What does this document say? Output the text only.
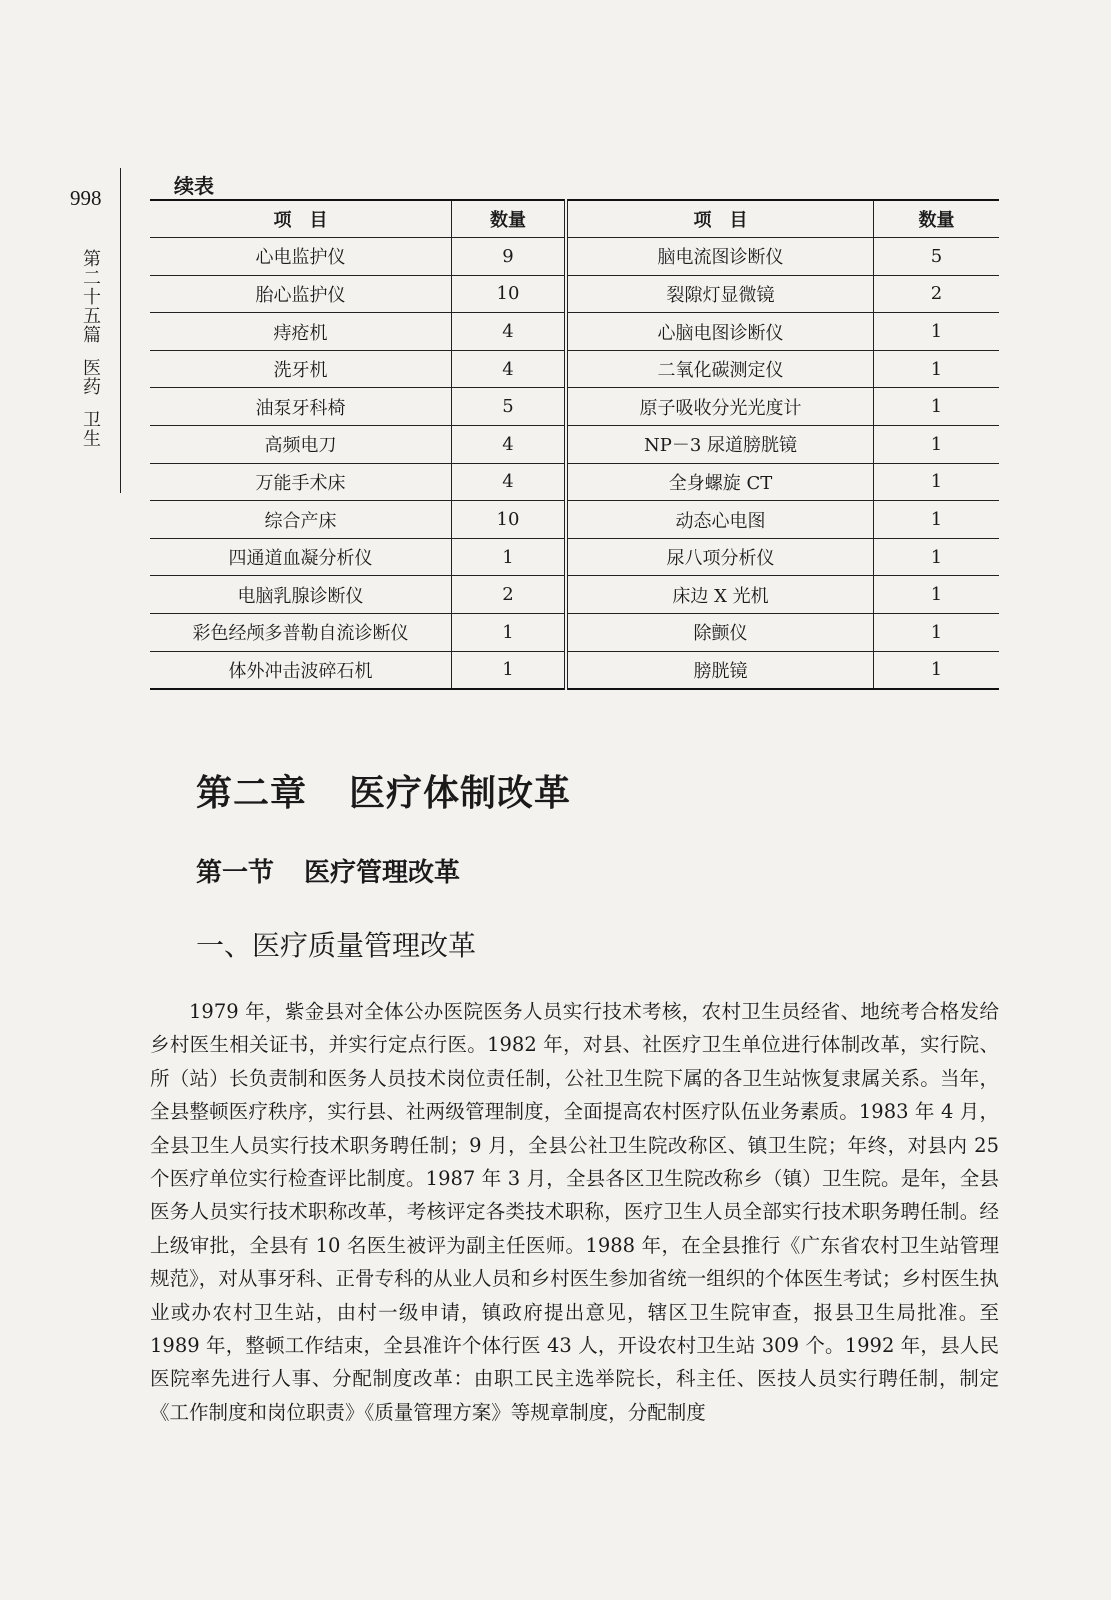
998
第
二
十
五
篇
医
药
卫
生
续表
项　目	数量	项　目	数量
心电监护仪	9	脑电流图诊断仪	5
胎心监护仪	10	裂隙灯显微镜	2
痔疮机	4	心脑电图诊断仪	1
洗牙机	4	二氧化碳测定仪	1
油泵牙科椅	5	原子吸收分光光度计	1
高频电刀	4	NP－3 尿道膀胱镜	1
万能手术床	4	全身螺旋 CT	1
综合产床	10	动态心电图	1
四通道血凝分析仪	1	尿八项分析仪	1
电脑乳腺诊断仪	2	床边 X 光机	1
彩色经颅多普勒自流诊断仪	1	除颤仪	1
体外冲击波碎石机	1	膀胱镜	1
第二章 医疗体制改革
第一节 医疗管理改革
一、医疗质量管理改革

1979 年，紫金县对全体公办医院医务人员实行技术考核，农村卫生员经省、地统考合格发给乡村医生相关证书，并实行定点行医。1982 年，对县、社医疗卫生单位进行体制改革，实行院、所（站）长负责制和医务人员技术岗位责任制，公社卫生院下属的各卫生站恢复隶属关系。当年，全县整顿医疗秩序，实行县、社两级管理制度，全面提高农村医疗队伍业务素质。1983 年 4 月，全县卫生人员实行技术职务聘任制；9 月，全县公社卫生院改称区、镇卫生院；年终，对县内 25 个医疗单位实行检查评比制度。1987 年 3 月，全县各区卫生院改称乡（镇）卫生院。是年，全县医务人员实行技术职称改革，考核评定各类技术职称，医疗卫生人员全部实行技术职务聘任制。经上级审批，全县有 10 名医生被评为副主任医师。1988 年，在全县推行《广东省农村卫生站管理规范》，对从事牙科、正骨专科的从业人员和乡村医生参加省统一组织的个体医生考试；乡村医生执业或办农村卫生站，由村一级申请，镇政府提出意见，辖区卫生院审查，报县卫生局批准。至 1989 年，整顿工作结束，全县准许个体行医 43 人，开设农村卫生站 309 个。1992 年，县人民医院率先进行人事、分配制度改革：由职工民主选举院长，科主任、医技人员实行聘任制，制定《工作制度和岗位职责》《质量管理方案》等规章制度，分配制度
